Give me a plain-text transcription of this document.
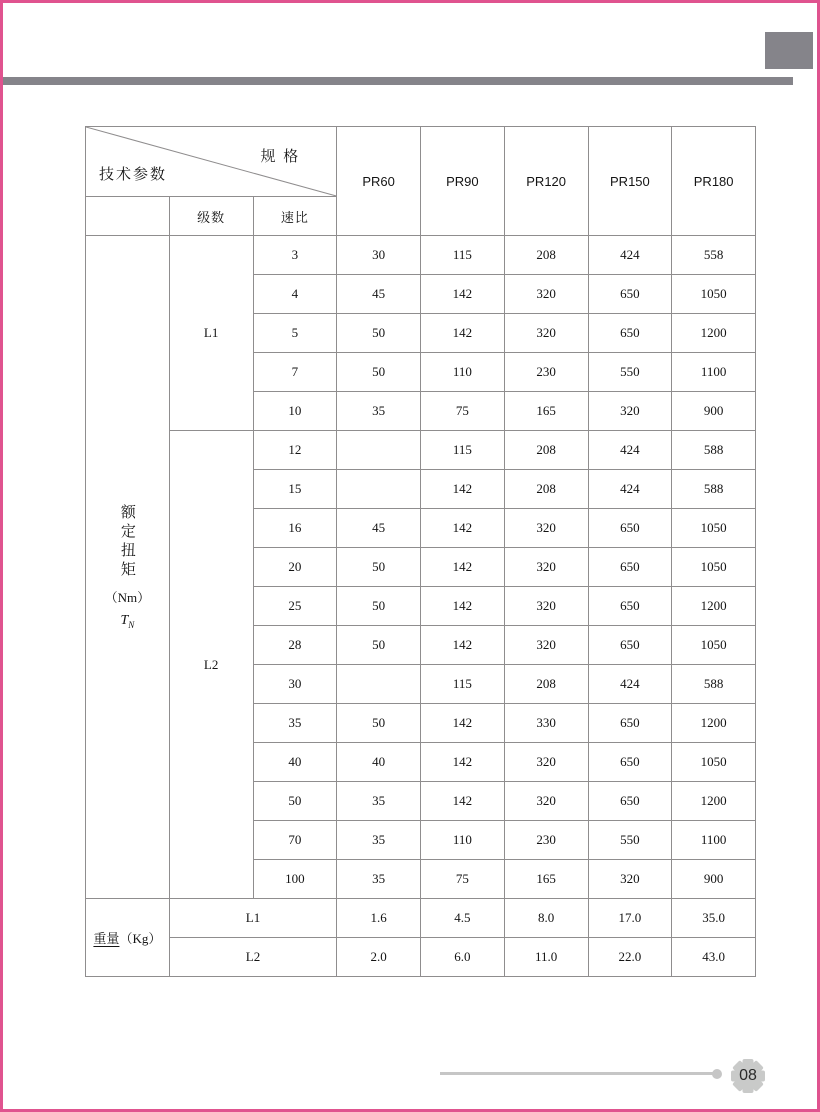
规 格
技术参数			PR60	PR90	PR120	PR150	PR180
	级数	速比					

额定扭矩
（Nm）
$T_N$	L1	3	30	115	208	424	558
		4	45	142	320	650	1050
		5	50	142	320	650	1200
		7	50	110	230	550	1100
		10	35	75	165	320	900
	L2	12		115	208	424	588
		15		142	208	424	588
		16	45	142	320	650	1050
		20	50	142	320	650	1050
		25	50	142	320	650	1200
		28	50	142	320	650	1050
		30		115	208	424	588
		35	50	142	330	650	1200
		40	40	142	320	650	1050
		50	35	142	320	650	1200
		70	35	110	230	550	1100
		100	35	75	165	320	900
重量（Kg）	L1		1.6	4.5	8.0	17.0	35.0
	L2		2.0	6.0	11.0	22.0	43.0
08
